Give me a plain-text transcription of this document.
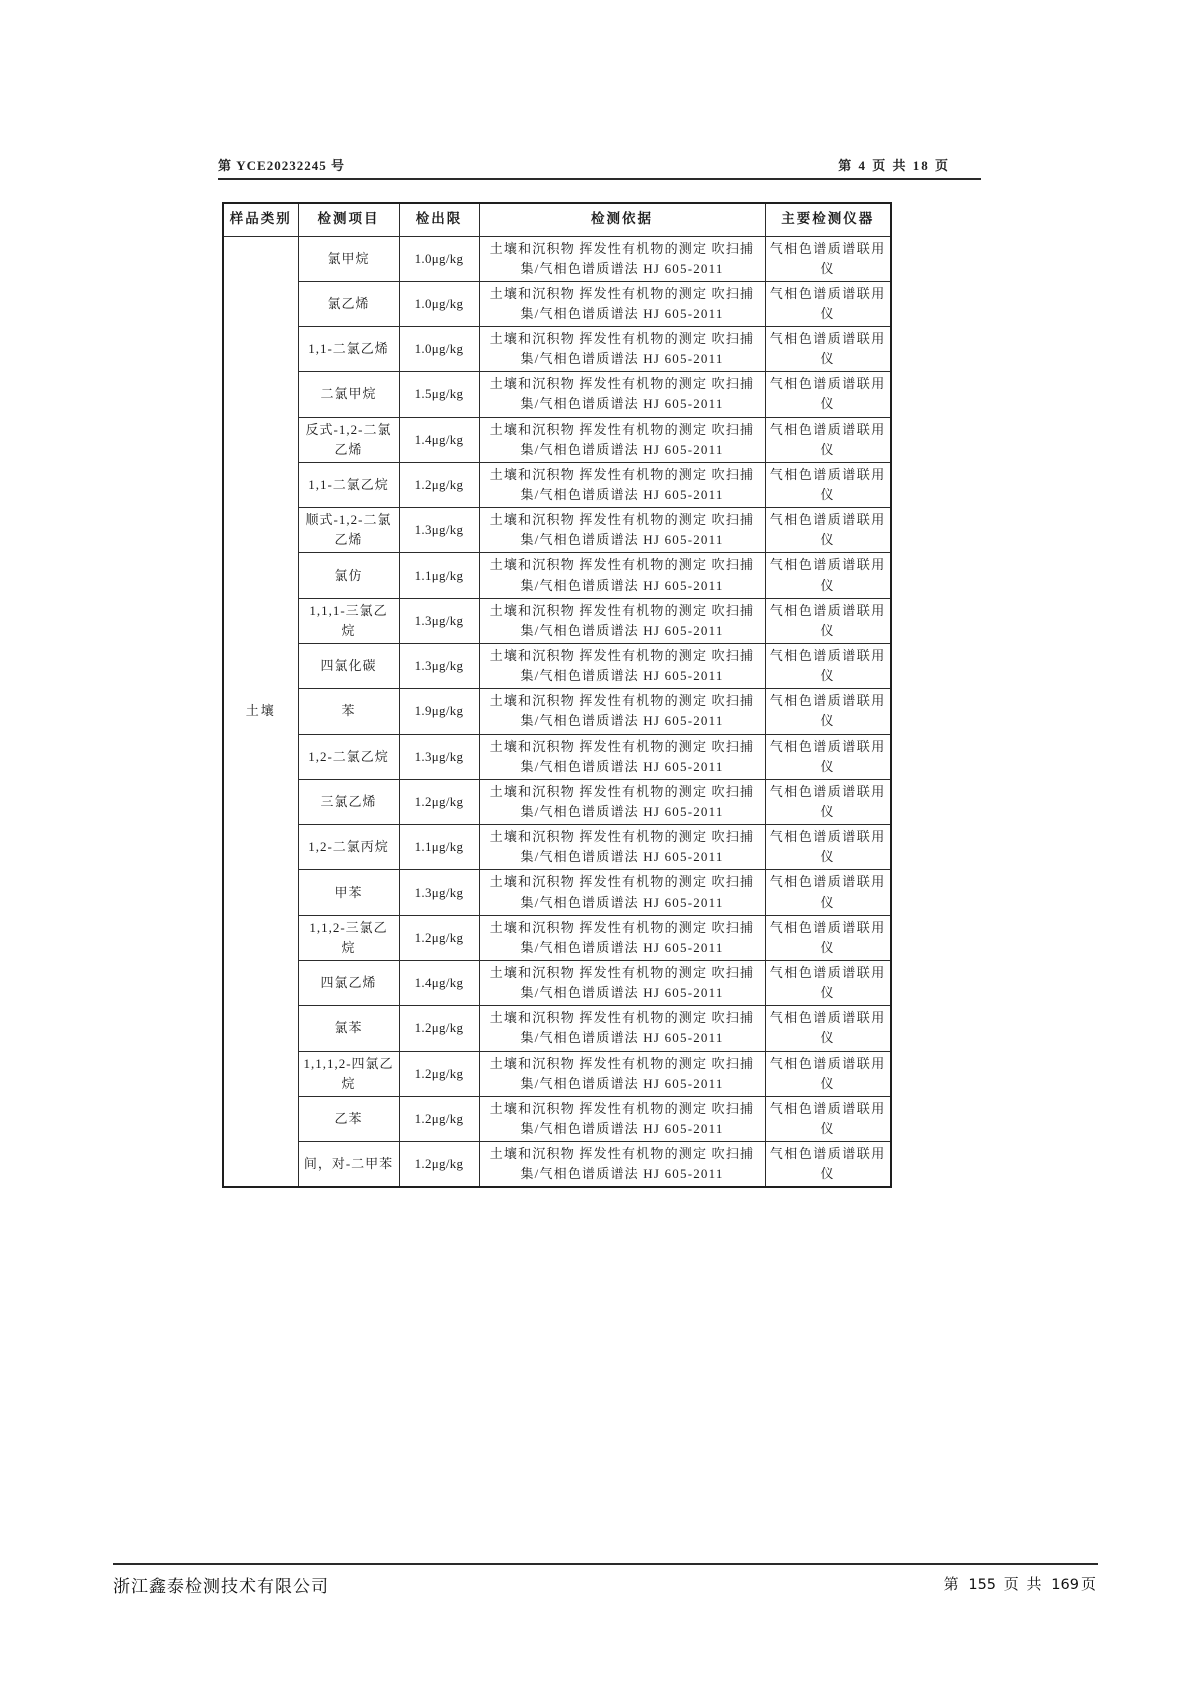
第 YCE20232245 号	第 4 页 共 18 页
样品类别	检测项目	检出限	检测依据	主要检测仪器
土壤	氯甲烷	1.0μg/kg	土壤和沉积物 挥发性有机物的测定 吹扫捕集/气相色谱质谱法 HJ 605-2011	气相色谱质谱联用仪
	氯乙烯	1.0μg/kg	土壤和沉积物 挥发性有机物的测定 吹扫捕集/气相色谱质谱法 HJ 605-2011	气相色谱质谱联用仪
	1,1-二氯乙烯	1.0μg/kg	土壤和沉积物 挥发性有机物的测定 吹扫捕集/气相色谱质谱法 HJ 605-2011	气相色谱质谱联用仪
	二氯甲烷	1.5μg/kg	土壤和沉积物 挥发性有机物的测定 吹扫捕集/气相色谱质谱法 HJ 605-2011	气相色谱质谱联用仪
	反式-1,2-二氯乙烯	1.4μg/kg	土壤和沉积物 挥发性有机物的测定 吹扫捕集/气相色谱质谱法 HJ 605-2011	气相色谱质谱联用仪
	1,1-二氯乙烷	1.2μg/kg	土壤和沉积物 挥发性有机物的测定 吹扫捕集/气相色谱质谱法 HJ 605-2011	气相色谱质谱联用仪
	顺式-1,2-二氯乙烯	1.3μg/kg	土壤和沉积物 挥发性有机物的测定 吹扫捕集/气相色谱质谱法 HJ 605-2011	气相色谱质谱联用仪
	氯仿	1.1μg/kg	土壤和沉积物 挥发性有机物的测定 吹扫捕集/气相色谱质谱法 HJ 605-2011	气相色谱质谱联用仪
	1,1,1-三氯乙烷	1.3μg/kg	土壤和沉积物 挥发性有机物的测定 吹扫捕集/气相色谱质谱法 HJ 605-2011	气相色谱质谱联用仪
	四氯化碳	1.3μg/kg	土壤和沉积物 挥发性有机物的测定 吹扫捕集/气相色谱质谱法 HJ 605-2011	气相色谱质谱联用仪
	苯	1.9μg/kg	土壤和沉积物 挥发性有机物的测定 吹扫捕集/气相色谱质谱法 HJ 605-2011	气相色谱质谱联用仪
	1,2-二氯乙烷	1.3μg/kg	土壤和沉积物 挥发性有机物的测定 吹扫捕集/气相色谱质谱法 HJ 605-2011	气相色谱质谱联用仪
	三氯乙烯	1.2μg/kg	土壤和沉积物 挥发性有机物的测定 吹扫捕集/气相色谱质谱法 HJ 605-2011	气相色谱质谱联用仪
	1,2-二氯丙烷	1.1μg/kg	土壤和沉积物 挥发性有机物的测定 吹扫捕集/气相色谱质谱法 HJ 605-2011	气相色谱质谱联用仪
	甲苯	1.3μg/kg	土壤和沉积物 挥发性有机物的测定 吹扫捕集/气相色谱质谱法 HJ 605-2011	气相色谱质谱联用仪
	1,1,2-三氯乙烷	1.2μg/kg	土壤和沉积物 挥发性有机物的测定 吹扫捕集/气相色谱质谱法 HJ 605-2011	气相色谱质谱联用仪
	四氯乙烯	1.4μg/kg	土壤和沉积物 挥发性有机物的测定 吹扫捕集/气相色谱质谱法 HJ 605-2011	气相色谱质谱联用仪
	氯苯	1.2μg/kg	土壤和沉积物 挥发性有机物的测定 吹扫捕集/气相色谱质谱法 HJ 605-2011	气相色谱质谱联用仪
	1,1,1,2-四氯乙烷	1.2μg/kg	土壤和沉积物 挥发性有机物的测定 吹扫捕集/气相色谱质谱法 HJ 605-2011	气相色谱质谱联用仪
	乙苯	1.2μg/kg	土壤和沉积物 挥发性有机物的测定 吹扫捕集/气相色谱质谱法 HJ 605-2011	气相色谱质谱联用仪
	间，对-二甲苯	1.2μg/kg	土壤和沉积物 挥发性有机物的测定 吹扫捕集/气相色谱质谱法 HJ 605-2011	气相色谱质谱联用仪
浙江鑫泰检测技术有限公司	第 155 页 共 169 页
